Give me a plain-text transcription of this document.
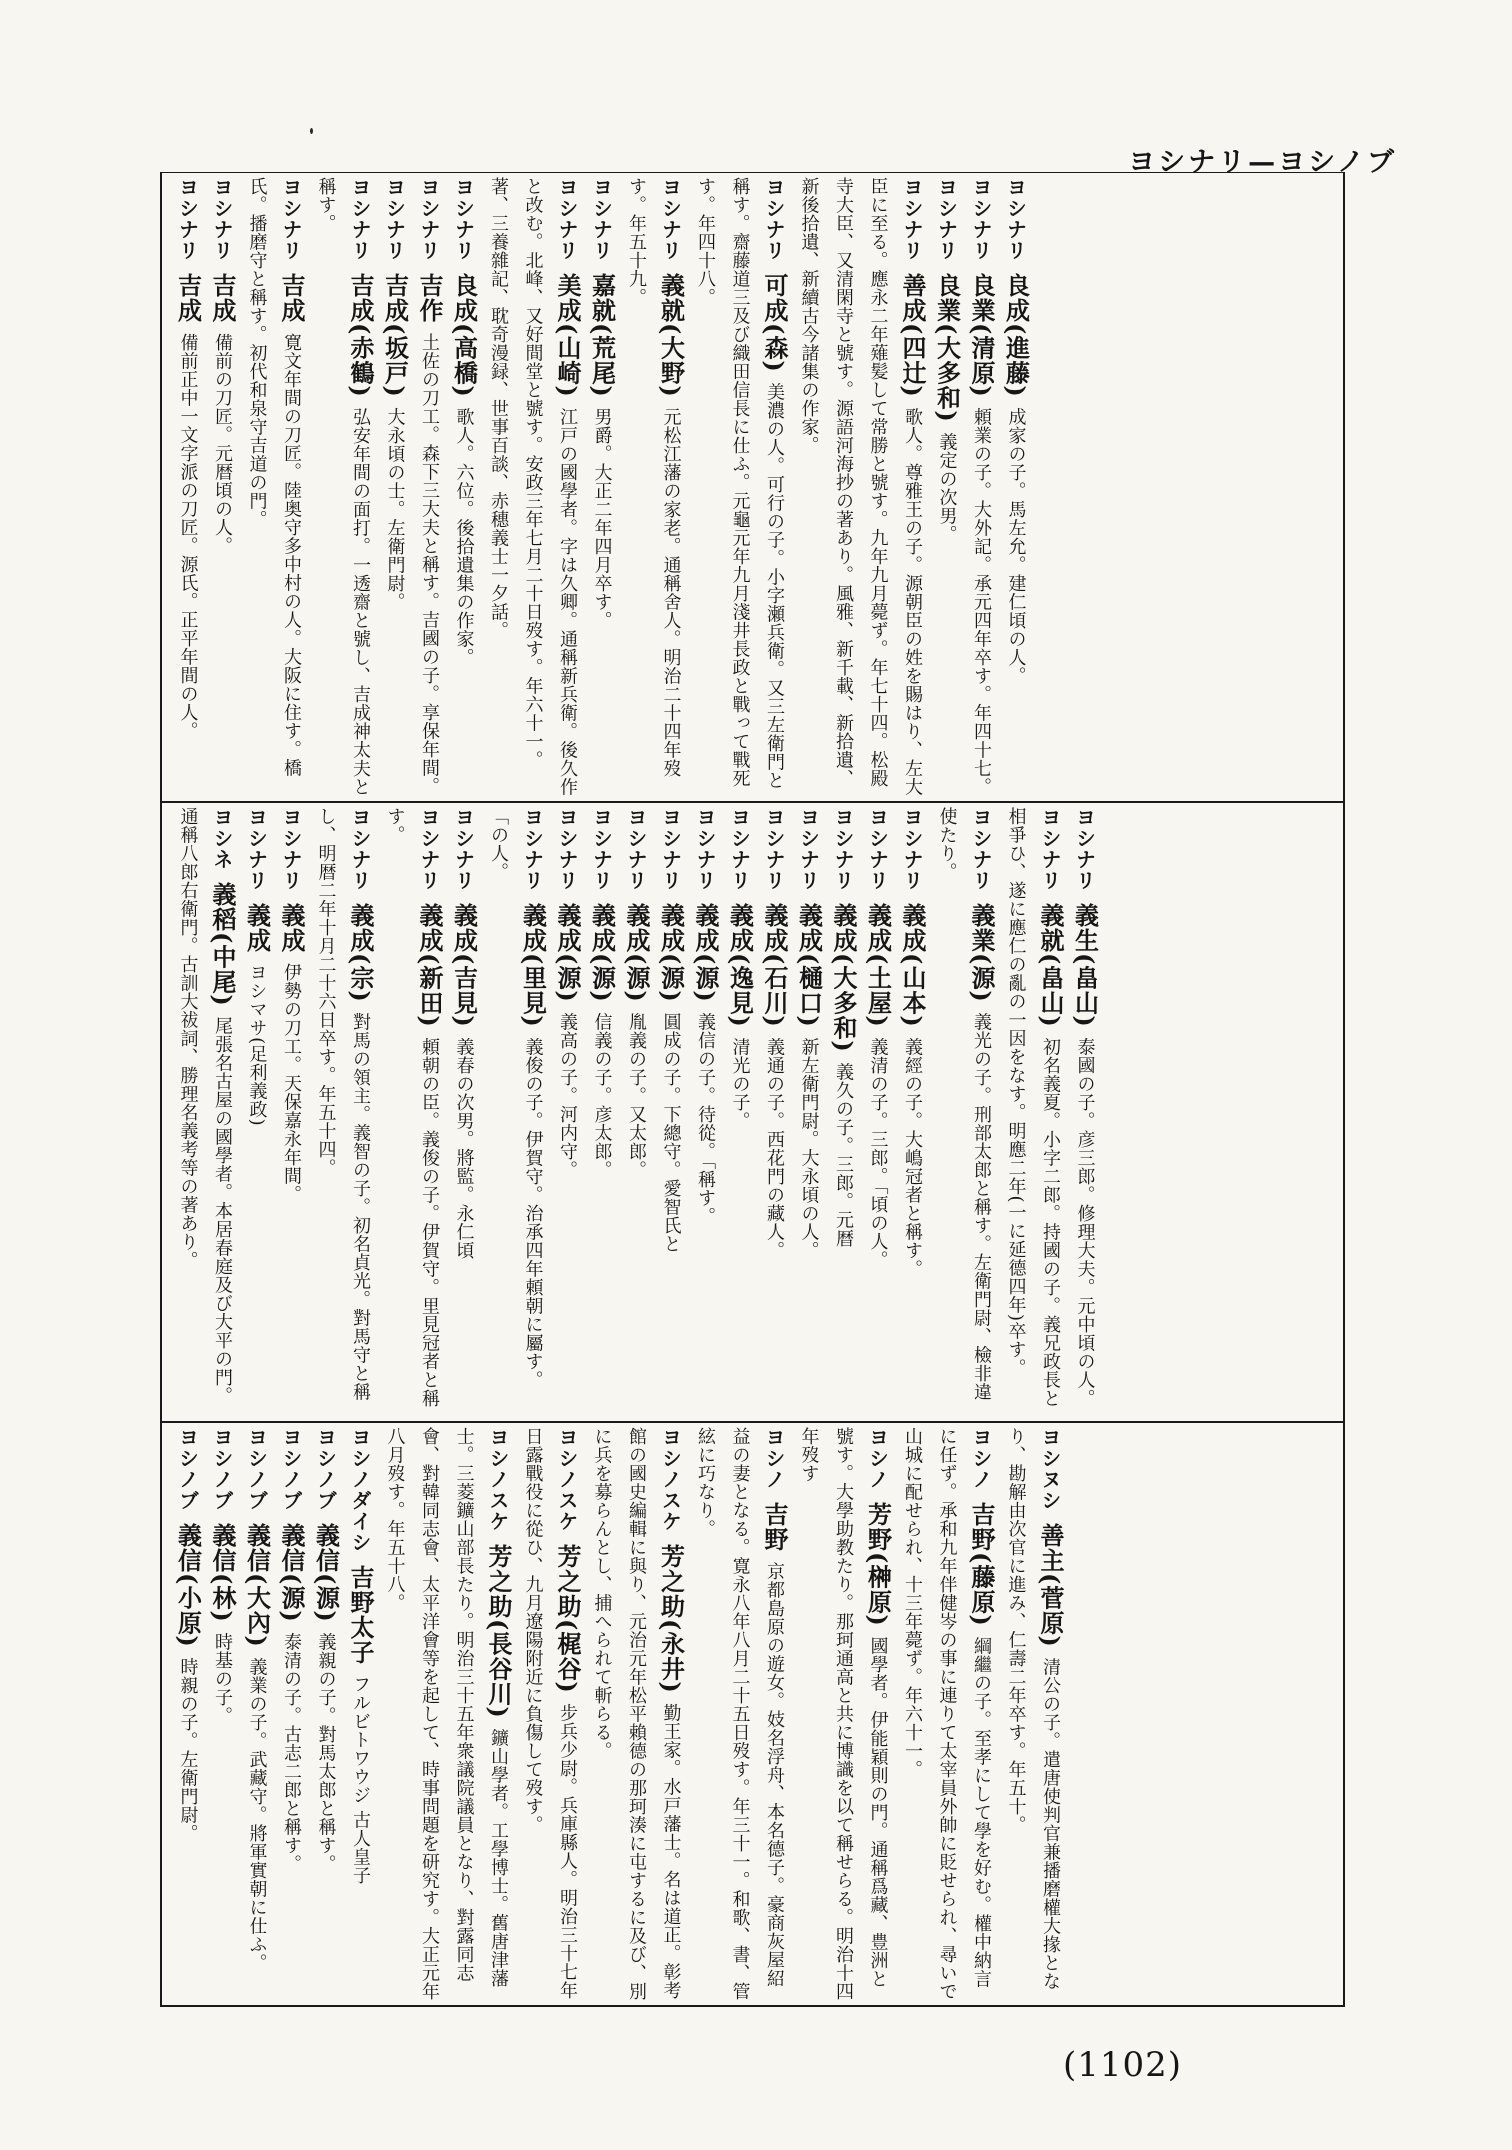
ヨシナリ—ヨシノブ
ヨシナリ 良成(進藤) 成家の子。馬左允。建仁頃の人。
ヨシナリ 良業(清原) 頼業の子。大外記。承元四年卒す。年四十七。
ヨシナリ 良業(大多和) 義定の次男。
ヨシナリ 善成(四辻) 歌人。尊雅王の子。源朝臣の姓を賜はり、左大臣に至る。應永二年薙髪して常勝と號す。九年九月薨ず。年七十四。松殿寺大臣、又清閑寺と號す。源語河海抄の著あり。風雅、新千載、新拾遺、新後拾遺、新續古今諸集の作家。
ヨシナリ 可成(森) 美濃の人。可行の子。小字瀬兵衛。又三左衛門と稱す。齋藤道三及び織田信長に仕ふ。元龜元年九月淺井長政と戰って戰死す。年四十八。
ヨシナリ 義就(大野) 元松江藩の家老。通稱舍人。明治二十四年歿す。年五十九。
ヨシナリ 嘉就(荒尾) 男爵。大正二年四月卒す。
ヨシナリ 美成(山崎) 江戸の國學者。字は久卿。通稱新兵衛。後久作と改む。北峰、又好間堂と號す。安政三年七月二十日歿す。年六十一。著、三養雜記、耽奇漫録、世事百談、赤穗義士一夕話。
ヨシナリ 良成(高橋) 歌人。六位。後拾遺集の作家。
ヨシナリ 吉作 土佐の刀工。森下三大夫と稱す。吉國の子。享保年間。
ヨシナリ 吉成(坂戸) 大永頃の士。左衛門尉。
ヨシナリ 吉成(赤鶴) 弘安年間の面打。一透齋と號し、吉成神太夫と稱す。
ヨシナリ 吉成 寛文年間の刀匠。陸奥守多中村の人。大阪に住す。橋氏。播磨守と稱す。初代和泉守吉道の門。
ヨシナリ 吉成 備前の刀匠。元暦頃の人。
ヨシナリ 吉成 備前正中一文字派の刀匠。源氏。正平年間の人。
ヨシナリ 義生(畠山) 泰國の子。彦三郎。修理大夫。元中頃の人。
ヨシナリ 義就(畠山) 初名義夏。小字二郎。持國の子。義兄政長と相爭ひ、遂に應仁の亂の一因をなす。明應二年(一に延德四年)卒す。
ヨシナリ 義業(源) 義光の子。刑部太郎と稱す。左衛門尉、檢非違使たり。
ヨシナリ 義成(山本) 義經の子。大嶋冠者と稱す。
ヨシナリ 義成(土屋) 義清の子。三郎。「頃の人。
ヨシナリ 義成(大多和) 義久の子。三郎。元暦
ヨシナリ 義成(樋口) 新左衛門尉。大永頃の人。
ヨシナリ 義成(石川) 義通の子。西花門の藏人。
ヨシナリ 義成(逸見) 清光の子。
ヨシナリ 義成(源) 義信の子。待從。「稱す。
ヨシナリ 義成(源) 圓成の子。下總守。愛智氏と
ヨシナリ 義成(源) 胤義の子。又太郎。
ヨシナリ 義成(源) 信義の子。彦太郎。
ヨシナリ 義成(源) 義高の子。河内守。
ヨシナリ 義成(里見) 義俊の子。伊賀守。治承四年頼朝に屬す。「の人。
ヨシナリ 義成(吉見) 義春の次男。將監。永仁頃
ヨシナリ 義成(新田) 頼朝の臣。義俊の子。伊賀守。里見冠者と稱す。
ヨシナリ 義成(宗) 對馬の領主。義智の子。初名貞光。對馬守と稱し、明暦二年十月二十六日卒す。年五十四。
ヨシナリ 義成 伊勢の刀工。天保嘉永年間。
ヨシナリ 義成 ヨシマサ(足利義政)
ヨシネ 義稻(中尾) 尾張名古屋の國學者。本居春庭及び大平の門。通稱八郎右衛門。古訓大祓詞、勝理名義考等の著あり。
ヨシヌシ 善主(菅原) 清公の子。遣唐使判官兼播磨權大掾となり、勘解由次官に進み、仁壽二年卒す。年五十。
ヨシノ 吉野(藤原) 綱繼の子。至孝にして學を好む。權中納言に任ず。承和九年伴健岑の事に連りて太宰員外帥に貶せられ、尋いで山城に配せられ、十三年薨ず。年六十一。
ヨシノ 芳野(榊原) 國學者。伊能穎則の門。通稱爲藏、豊洲と號す。大學助教たり。那珂通高と共に博識を以て稱せらる。明治十四年歿す
ヨシノ 吉野 京都島原の遊女。妓名浮舟、本名德子。豪商灰屋紹益の妻となる。寛永八年八月二十五日歿す。年三十一。和歌、書、管絃に巧なり。
ヨシノスケ 芳之助(永井) 勤王家。水戸藩士。名は道正。彰考館の國史編輯に與り、元治元年松平賴德の那珂湊に屯するに及び、別に兵を募らんとし、捕へられて斬らる。
ヨシノスケ 芳之助(梶谷) 步兵少尉。兵庫縣人。明治三十七年日露戰役に從ひ、九月遼陽附近に負傷して歿す。
ヨシノスケ 芳之助(長谷川) 鑛山學者。工學博士。舊唐津藩士。三菱鑛山部長たり。明治三十五年衆議院議員となり、對露同志會、對韓同志會、太平洋會等を起して、時事問題を研究す。大正元年八月歿す。年五十八。
ヨシノダイシ 吉野太子 フルビトワウジ 古人皇子
ヨシノブ 義信(源) 義親の子。對馬太郎と稱す。
ヨシノブ 義信(源) 泰清の子。古志二郎と稱す。
ヨシノブ 義信(大內) 義業の子。武藏守。將軍實朝に仕ふ。
ヨシノブ 義信(林) 時基の子。
ヨシノブ 義信(小原) 時親の子。左衛門尉。
(1102)
